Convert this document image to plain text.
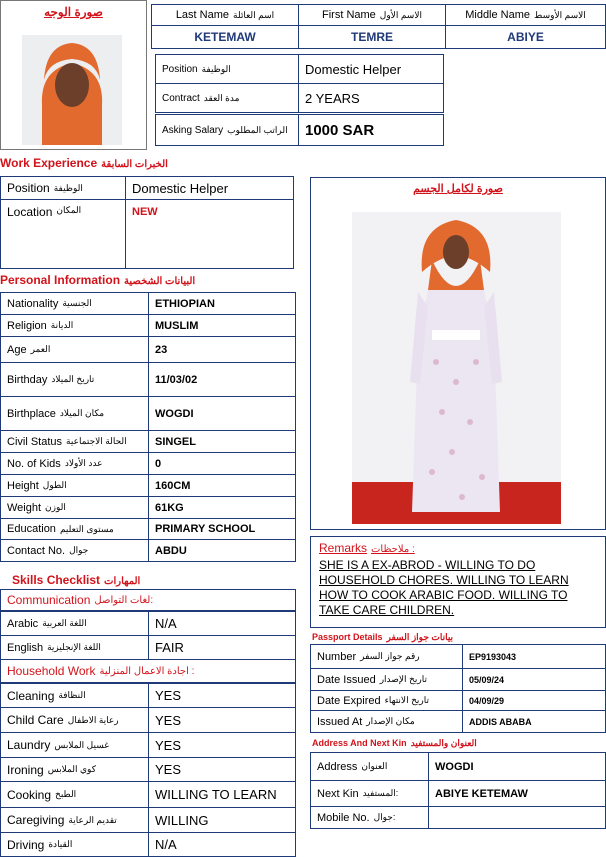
صورة الوجه	Last Name اسم العائلة	First Name الاسم الأول	Middle Name الاسم الأوسط
KETEMAW	TEMRE	ABIYE
Position الوظيفة	Domestic Helper
Contract مدة العقد	2 YEARS
Asking Salary الراتب المطلوب	1000 SAR
Work Experience الخبرات السابقة
Position الوظيفة	Domestic Helper
Location المكان	NEW
صورة لكامل الجسم
Personal Information البيانات الشخصية
Nationality الجنسية	ETHIOPIAN
Religion الديانة	MUSLIM
Age العمر	23
Birthday تاريخ الميلاد	11/03/02
Birthplace مكان الميلاد	WOGDI
Civil Status الحالة الاجتماعية	SINGEL
No. of Kids عدد الأولاد	0
Height الطول	160CM
Weight الوزن	61KG
Education مستوى التعليم	PRIMARY SCHOOL
Contact No. جوال	ABDU
Skills Checklist المهارات
Communication لغات التواصل:
Arabic اللغة العربية	N/A
English اللغة الإنجليزية	FAIR
Household Work اجادة الاعمال المنزلية :
Cleaning النظافة	YES
Child Care رعاية الاطفال	YES
Laundry غسيل الملابس	YES
Ironing كوي الملابس	YES
Cooking الطبخ	WILLING TO LEARN
Caregiving تقديم الرعاية	WILLING
Driving القيادة	N/A
Remarks ملاحظات :
SHE IS A EX-ABROD - WILLING TO DO
HOUSEHOLD CHORES. WILLING TO LEARN
HOW TO COOK ARABIC FOOD. WILLING TO
TAKE CARE CHILDREN.
Passport Details بيانات جواز السفر
Number رقم جواز السفر	EP9193043
Date Issued تاريخ الإصدار	05/09/24
Date Expired تاريخ الانتهاء	04/09/29
Issued At مكان الإصدار	ADDIS ABABA
Address And Next Kin العنوان والمستفيد
Address العنوان	WOGDI
Next Kin المستفيد:	ABIYE KETEMAW
Mobile No. جوال:
